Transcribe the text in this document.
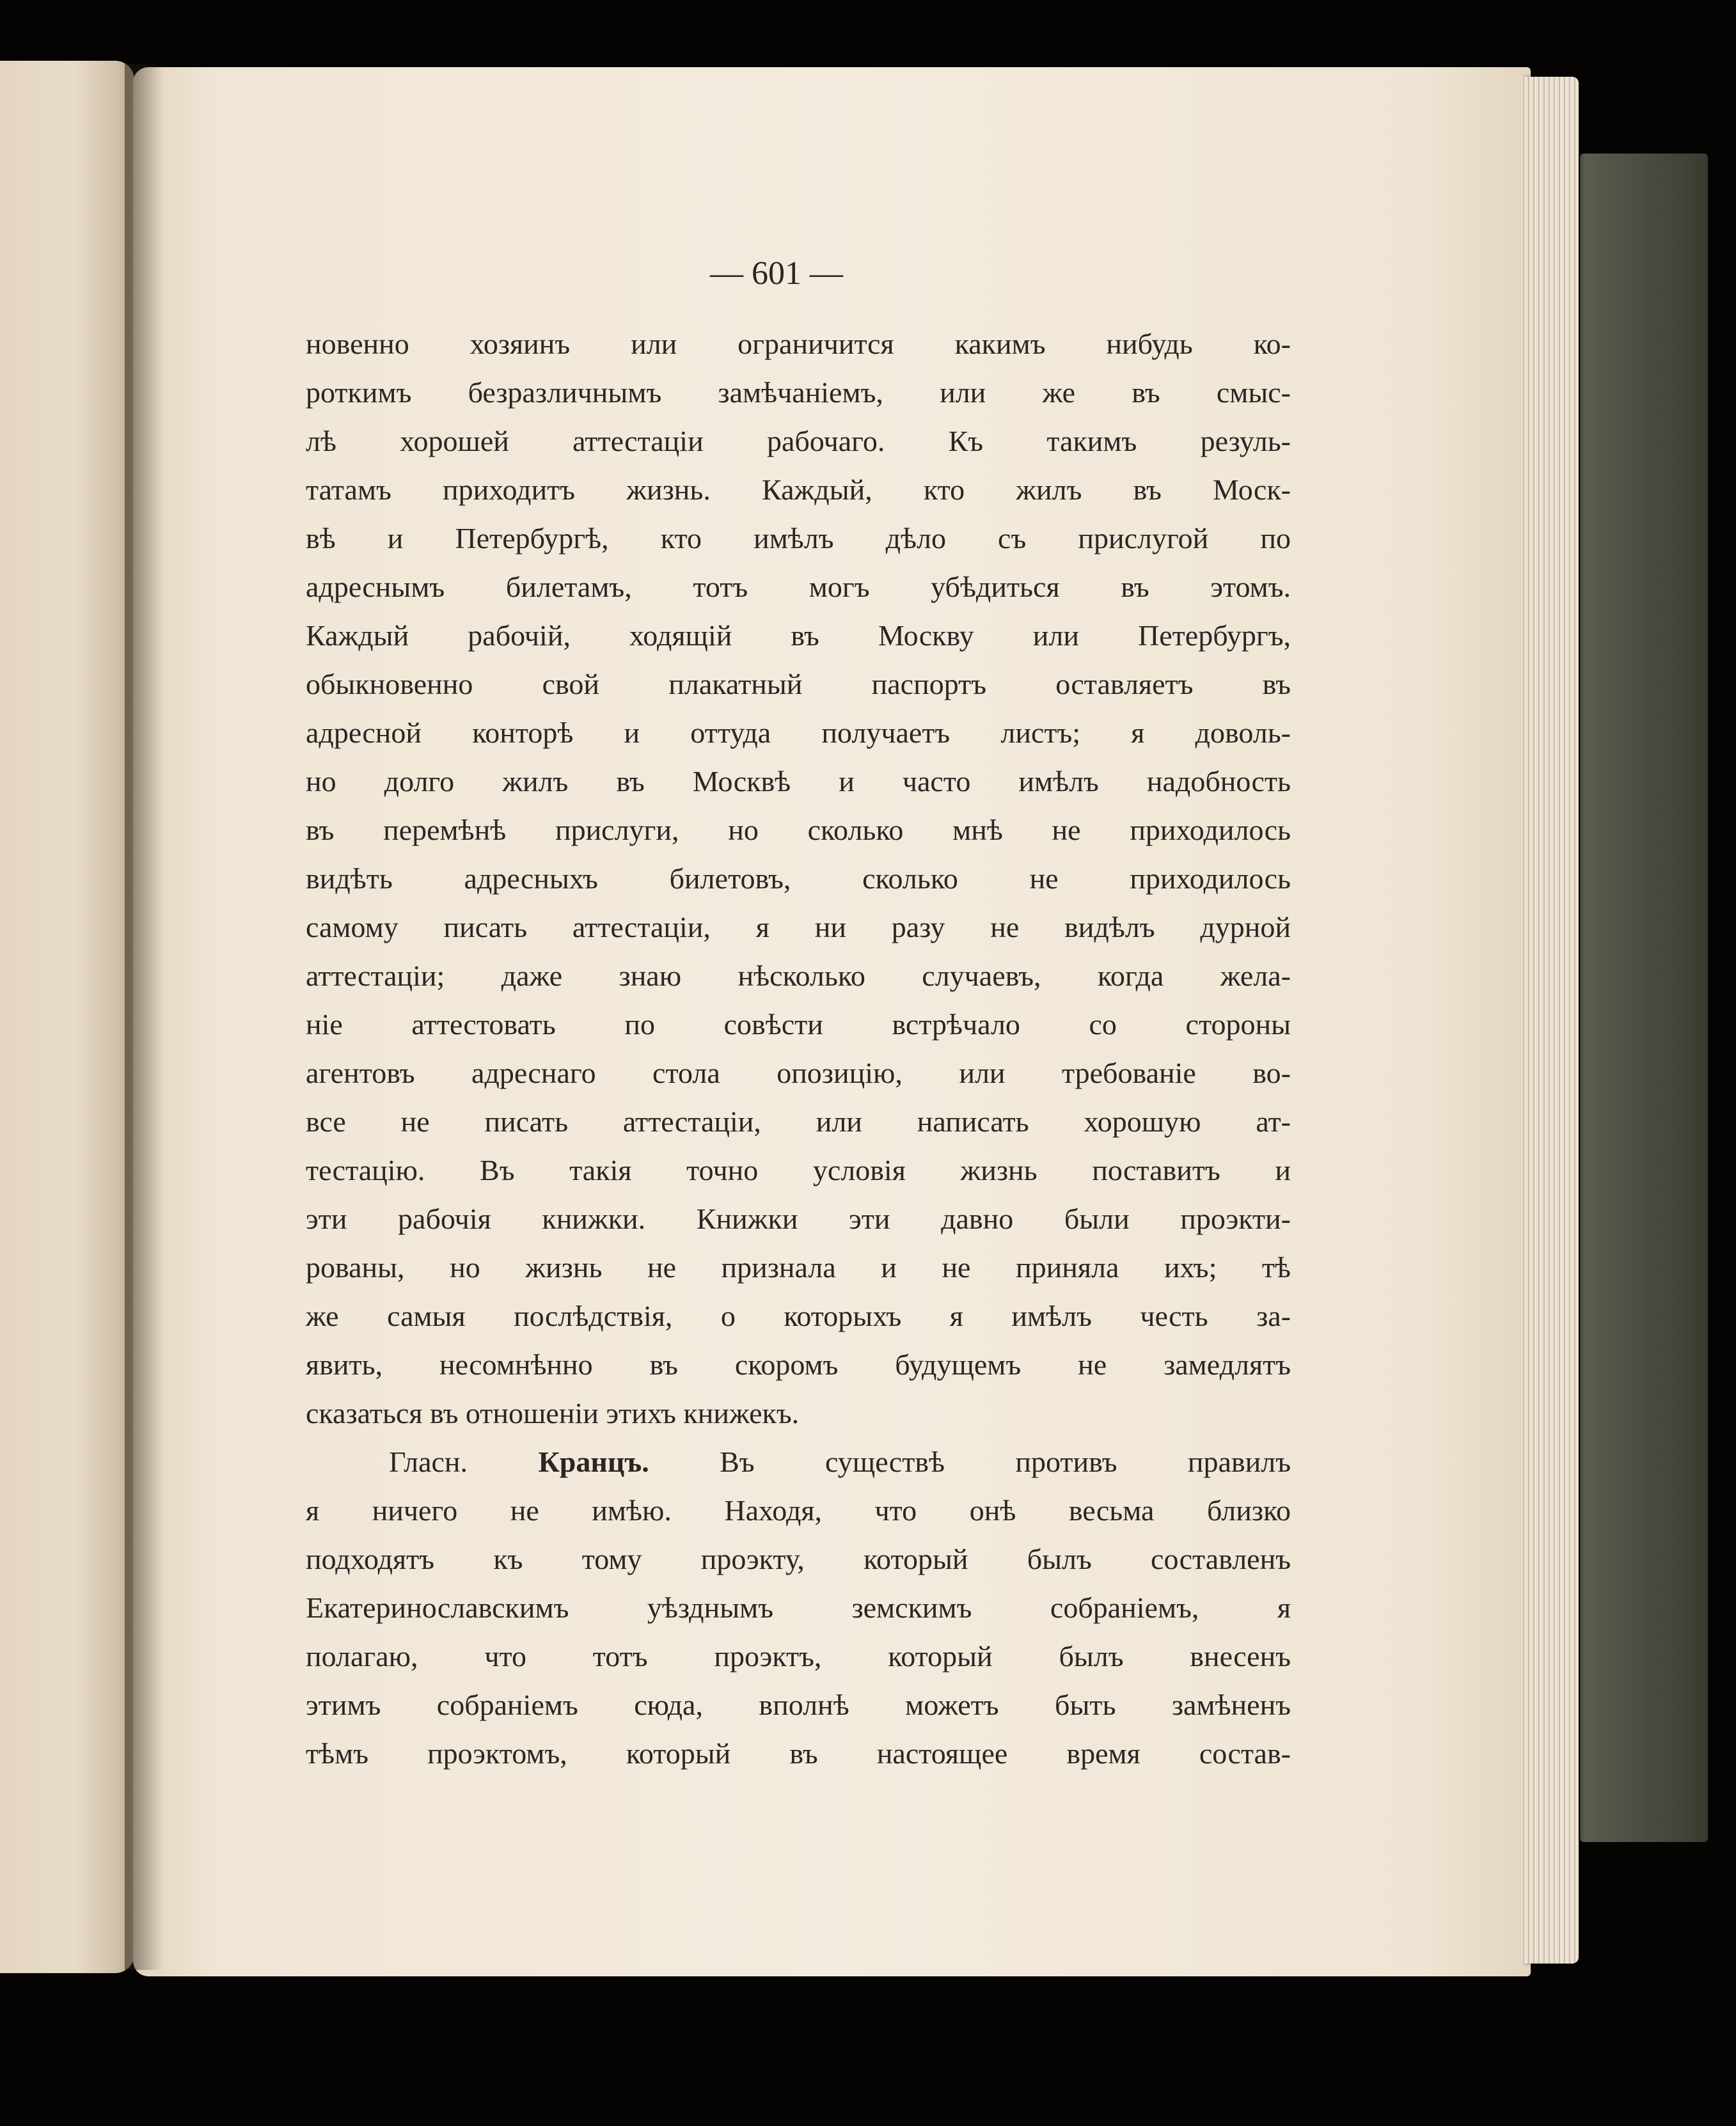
— 601 —
новенно хозяинъ или ограничится какимъ нибудь ко-
роткимъ безразличнымъ замѣчаніемъ, или же въ смыс-
лѣ хорошей аттестаціи рабочаго. Къ такимъ резуль-
татамъ приходитъ жизнь. Каждый, кто жилъ въ Моск-
вѣ и Петербургѣ, кто имѣлъ дѣло съ прислугой по
адреснымъ билетамъ, тотъ могъ убѣдиться въ этомъ.
Каждый рабочій, ходящій въ Москву или Петербургъ,
обыкновенно свой плакатный паспортъ оставляетъ въ
адресной конторѣ и оттуда получаетъ листъ; я доволь-
но долго жилъ въ Москвѣ и часто имѣлъ надобность
въ перемѣнѣ прислуги, но сколько мнѣ не приходилось
видѣть адресныхъ билетовъ, сколько не приходилось
самому писать аттестаціи, я ни разу не видѣлъ дурной
аттестаціи; даже знаю нѣсколько случаевъ, когда жела-
ніе аттестовать по совѣсти встрѣчало со стороны
агентовъ адреснаго стола опозицію, или требованіе во-
все не писать аттестаціи, или написать хорошую ат-
тестацію. Въ такія точно условія жизнь поставитъ и
эти рабочія книжки. Книжки эти давно были проэкти-
рованы, но жизнь не признала и не приняла ихъ; тѣ
же самыя послѣдствія, о которыхъ я имѣлъ честь за-
явить, несомнѣнно въ скоромъ будущемъ не замедлятъ
сказаться въ отношеніи этихъ книжекъ.
Гласн. Кранцъ. Въ существѣ противъ правилъ
я ничего не имѣю. Находя, что онѣ весьма близко
подходятъ къ тому проэкту, который былъ составленъ
Екатеринославскимъ уѣзднымъ земскимъ собраніемъ, я
полагаю, что тотъ проэктъ, который былъ внесенъ
этимъ собраніемъ сюда, вполнѣ можетъ быть замѣненъ
тѣмъ проэктомъ, который въ настоящее время состав-
